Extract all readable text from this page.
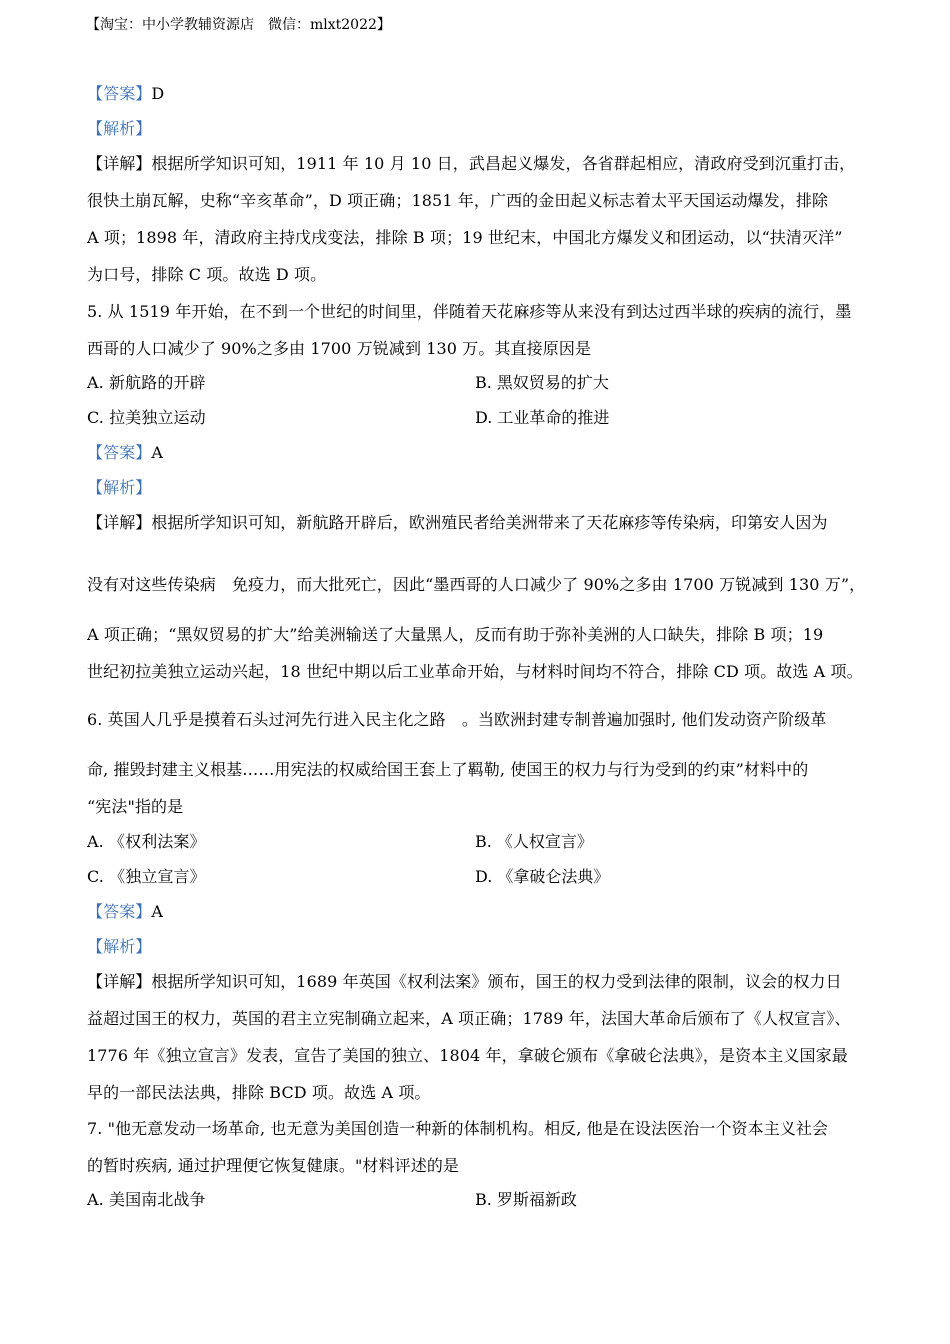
【淘宝：中小学教辅资源店　微信：mlxt2022】
【答案】D
【解析】
【详解】根据所学知识可知，1911 年 10 月 10 日，武昌起义爆发，各省群起相应，清政府受到沉重打击，
很快土崩瓦解，史称“辛亥革命”，D 项正确；1851 年，广西的金田起义标志着太平天国运动爆发，排除
A 项；1898 年，清政府主持戊戌变法，排除 B 项；19 世纪末，中国北方爆发义和团运动，以“扶清灭洋”
为口号，排除 C 项。故选 D 项。
5. 从 1519 年开始，在不到一个世纪的时间里，伴随着天花麻疹等从来没有到达过西半球的疾病的流行，墨
西哥的人口减少了 90%之多由 1700 万锐减到 130 万。其直接原因是
A. 新航路的开辟	B. 黑奴贸易的扩大
C. 拉美独立运动	D. 工业革命的推进
【答案】A
【解析】
【详解】根据所学知识可知，新航路开辟后，欧洲殖民者给美洲带来了天花麻疹等传染病，印第安人因为
没有对这些传染病　免疫力，而大批死亡，因此“墨西哥的人口减少了 90%之多由 1700 万锐减到 130 万”，
A 项正确；“黑奴贸易的扩大”给美洲输送了大量黑人，反而有助于弥补美洲的人口缺失，排除 B 项；19
世纪初拉美独立运动兴起，18 世纪中期以后工业革命开始，与材料时间均不符合，排除 CD 项。故选 A 项。
6. 英国人几乎是摸着石头过河先行进入民主化之路　。当欧洲封建专制普遍加强时, 他们发动资产阶级革
命, 摧毁封建主义根基……用宪法的权威给国王套上了羁勒, 使国王的权力与行为受到的约束”材料中的
“宪法"指的是
A. 《权利法案》	B. 《人权宣言》
C. 《独立宣言》	D. 《拿破仑法典》
【答案】A
【解析】
【详解】根据所学知识可知，1689 年英国《权利法案》颁布，国王的权力受到法律的限制，议会的权力日
益超过国王的权力，英国的君主立宪制确立起来，A 项正确；1789 年，法国大革命后颁布了《人权宣言》、
1776 年《独立宣言》发表，宣告了美国的独立、1804 年，拿破仑颁布《拿破仑法典》，是资本主义国家最
早的一部民法法典，排除 BCD 项。故选 A 项。
7. "他无意发动一场革命, 也无意为美国创造一种新的体制机构。相反, 他是在设法医治一个资本主义社会
的暂时疾病, 通过护理便它恢复健康。"材料评述的是
A. 美国南北战争	B. 罗斯福新政
